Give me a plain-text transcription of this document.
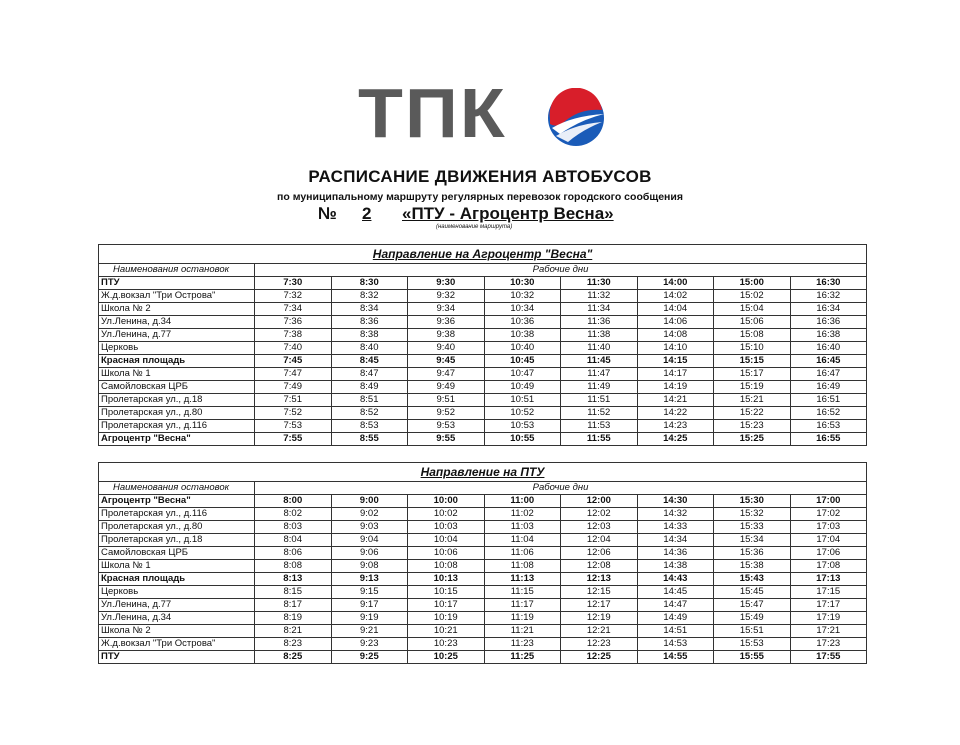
ТПК
РАСПИСАНИЕ ДВИЖЕНИЯ АВТОБУСОВ
по муниципальному маршруту регулярных перевозок городского сообщения
№ 2 «ПТУ - Агроцентр Весна»
(наименование маршрута)
Направление на Агроцентр "Весна"								
Наименования остановок	Рабочие дни							
ПТУ	7:30	8:30	9:30	10:30	11:30	14:00	15:00	16:30
Ж.д.вокзал "Три Острова"	7:32	8:32	9:32	10:32	11:32	14:02	15:02	16:32
Школа № 2	7:34	8:34	9:34	10:34	11:34	14:04	15:04	16:34
Ул.Ленина, д.34	7:36	8:36	9:36	10:36	11:36	14:06	15:06	16:36
Ул.Ленина, д.77	7:38	8:38	9:38	10:38	11:38	14:08	15:08	16:38
Церковь	7:40	8:40	9:40	10:40	11:40	14:10	15:10	16:40
Красная площадь	7:45	8:45	9:45	10:45	11:45	14:15	15:15	16:45
Школа № 1	7:47	8:47	9:47	10:47	11:47	14:17	15:17	16:47
Самойловская ЦРБ	7:49	8:49	9:49	10:49	11:49	14:19	15:19	16:49
Пролетарская ул., д.18	7:51	8:51	9:51	10:51	11:51	14:21	15:21	16:51
Пролетарская ул., д.80	7:52	8:52	9:52	10:52	11:52	14:22	15:22	16:52
Пролетарская ул., д.116	7:53	8:53	9:53	10:53	11:53	14:23	15:23	16:53
Агроцентр "Весна"	7:55	8:55	9:55	10:55	11:55	14:25	15:25	16:55
Направление на ПТУ								
Наименования остановок	Рабочие дни							
Агроцентр "Весна"	8:00	9:00	10:00	11:00	12:00	14:30	15:30	17:00
Пролетарская ул., д.116	8:02	9:02	10:02	11:02	12:02	14:32	15:32	17:02
Пролетарская ул., д.80	8:03	9:03	10:03	11:03	12:03	14:33	15:33	17:03
Пролетарская ул., д.18	8:04	9:04	10:04	11:04	12:04	14:34	15:34	17:04
Самойловская ЦРБ	8:06	9:06	10:06	11:06	12:06	14:36	15:36	17:06
Школа № 1	8:08	9:08	10:08	11:08	12:08	14:38	15:38	17:08
Красная площадь	8:13	9:13	10:13	11:13	12:13	14:43	15:43	17:13
Церковь	8:15	9:15	10:15	11:15	12:15	14:45	15:45	17:15
Ул.Ленина, д.77	8:17	9:17	10:17	11:17	12:17	14:47	15:47	17:17
Ул.Ленина, д.34	8:19	9:19	10:19	11:19	12:19	14:49	15:49	17:19
Школа № 2	8:21	9:21	10:21	11:21	12:21	14:51	15:51	17:21
Ж.д.вокзал "Три Острова"	8:23	9:23	10:23	11:23	12:23	14:53	15:53	17:23
ПТУ	8:25	9:25	10:25	11:25	12:25	14:55	15:55	17:55
